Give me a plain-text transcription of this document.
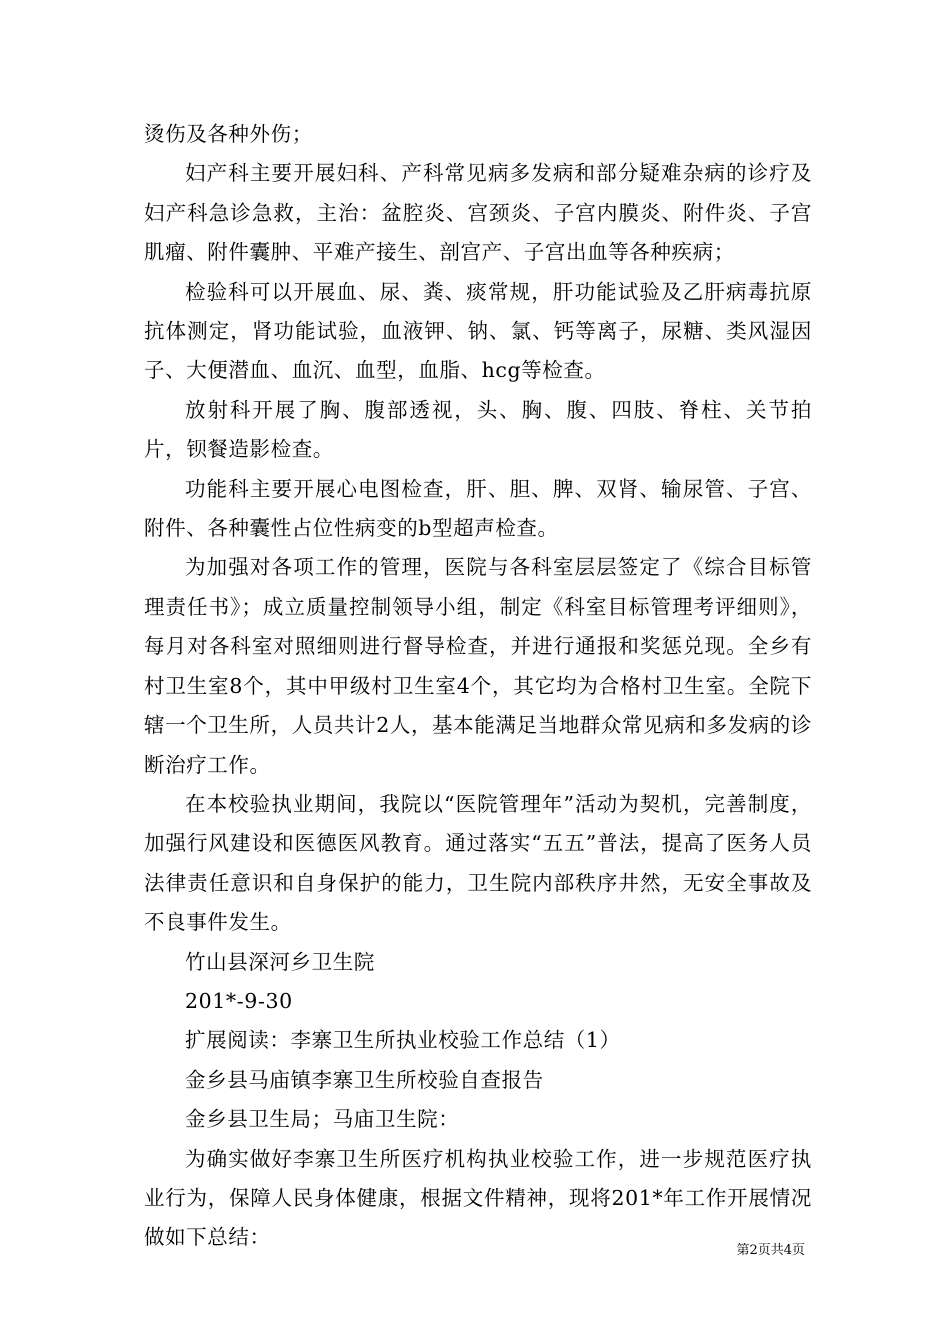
烫伤及各种外伤；

妇产科主要开展妇科、产科常见病多发病和部分疑难杂病的诊疗及妇产科急诊急救，主治：盆腔炎、宫颈炎、子宫内膜炎、附件炎、子宫肌瘤、附件囊肿、平难产接生、剖宫产、子宫出血等各种疾病；

检验科可以开展血、尿、粪、痰常规，肝功能试验及乙肝病毒抗原抗体测定，肾功能试验，血液钾、钠、氯、钙等离子，尿糖、类风湿因子、大便潜血、血沉、血型，血脂、hcg等检查。

放射科开展了胸、腹部透视，头、胸、腹、四肢、脊柱、关节拍片，钡餐造影检查。

功能科主要开展心电图检查，肝、胆、脾、双肾、输尿管、子宫、附件、各种囊性占位性病变的b型超声检查。

为加强对各项工作的管理，医院与各科室层层签定了《综合目标管理责任书》；成立质量控制领导小组，制定《科室目标管理考评细则》，每月对各科室对照细则进行督导检查，并进行通报和奖惩兑现。全乡有村卫生室8个，其中甲级村卫生室4个，其它均为合格村卫生室。全院下辖一个卫生所，人员共计2人，基本能满足当地群众常见病和多发病的诊断治疗工作。

在本校验执业期间，我院以“医院管理年”活动为契机，完善制度，加强行风建设和医德医风教育。通过落实“五五”普法，提高了医务人员法律责任意识和自身保护的能力，卫生院内部秩序井然，无安全事故及不良事件发生。

竹山县深河乡卫生院

201*-9-30

扩展阅读：李寨卫生所执业校验工作总结（1）

金乡县马庙镇李寨卫生所校验自查报告

金乡县卫生局；马庙卫生院：

为确实做好李寨卫生所医疗机构执业校验工作，进一步规范医疗执业行为，保障人民身体健康，根据文件精神，现将201*年工作开展情况做如下总结：

第2页共4页
